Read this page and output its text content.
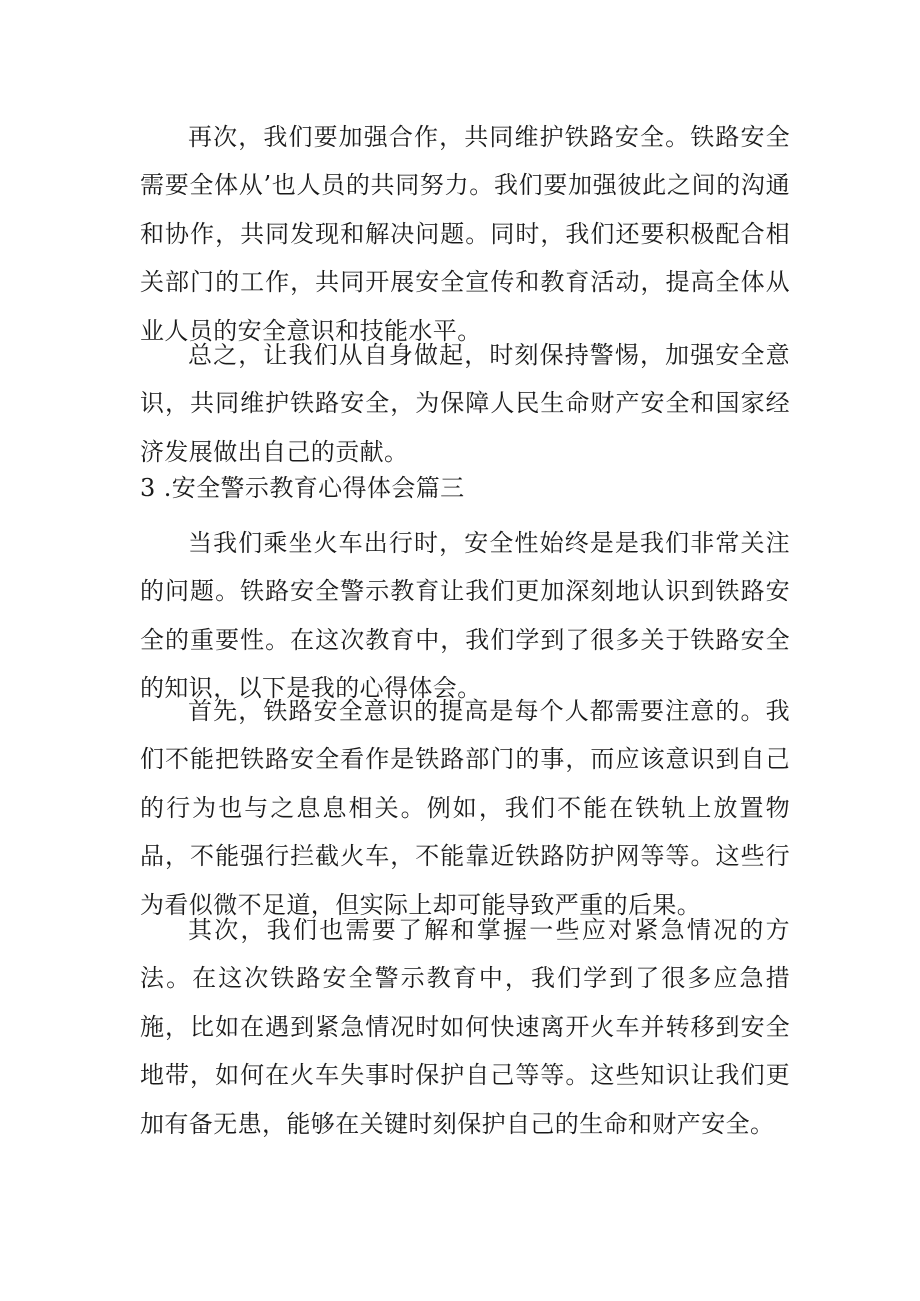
再次，我们要加强合作，共同维护铁路安全。铁路安全需要全体从’也人员的共同努力。我们要加强彼此之间的沟通和协作，共同发现和解决问题。同时，我们还要积极配合相关部门的工作，共同开展安全宣传和教育活动，提高全体从业人员的安全意识和技能水平。

总之，让我们从自身做起，时刻保持警惕，加强安全意识，共同维护铁路安全，为保障人民生命财产安全和国家经济发展做出自己的贡献。

3 .安全警示教育心得体会篇三

当我们乘坐火车出行时，安全性始终是是我们非常关注的问题。铁路安全警示教育让我们更加深刻地认识到铁路安全的重要性。在这次教育中，我们学到了很多关于铁路安全的知识，以下是我的心得体会。

首先，铁路安全意识的提高是每个人都需要注意的。我们不能把铁路安全看作是铁路部门的事，而应该意识到自己的行为也与之息息相关。例如，我们不能在铁轨上放置物品，不能强行拦截火车，不能靠近铁路防护网等等。这些行为看似微不足道，但实际上却可能导致严重的后果。

其次，我们也需要了解和掌握一些应对紧急情况的方法。在这次铁路安全警示教育中，我们学到了很多应急措施，比如在遇到紧急情况时如何快速离开火车并转移到安全地带，如何在火车失事时保护自己等等。这些知识让我们更加有备无患，能够在关键时刻保护自己的生命和财产安全。
